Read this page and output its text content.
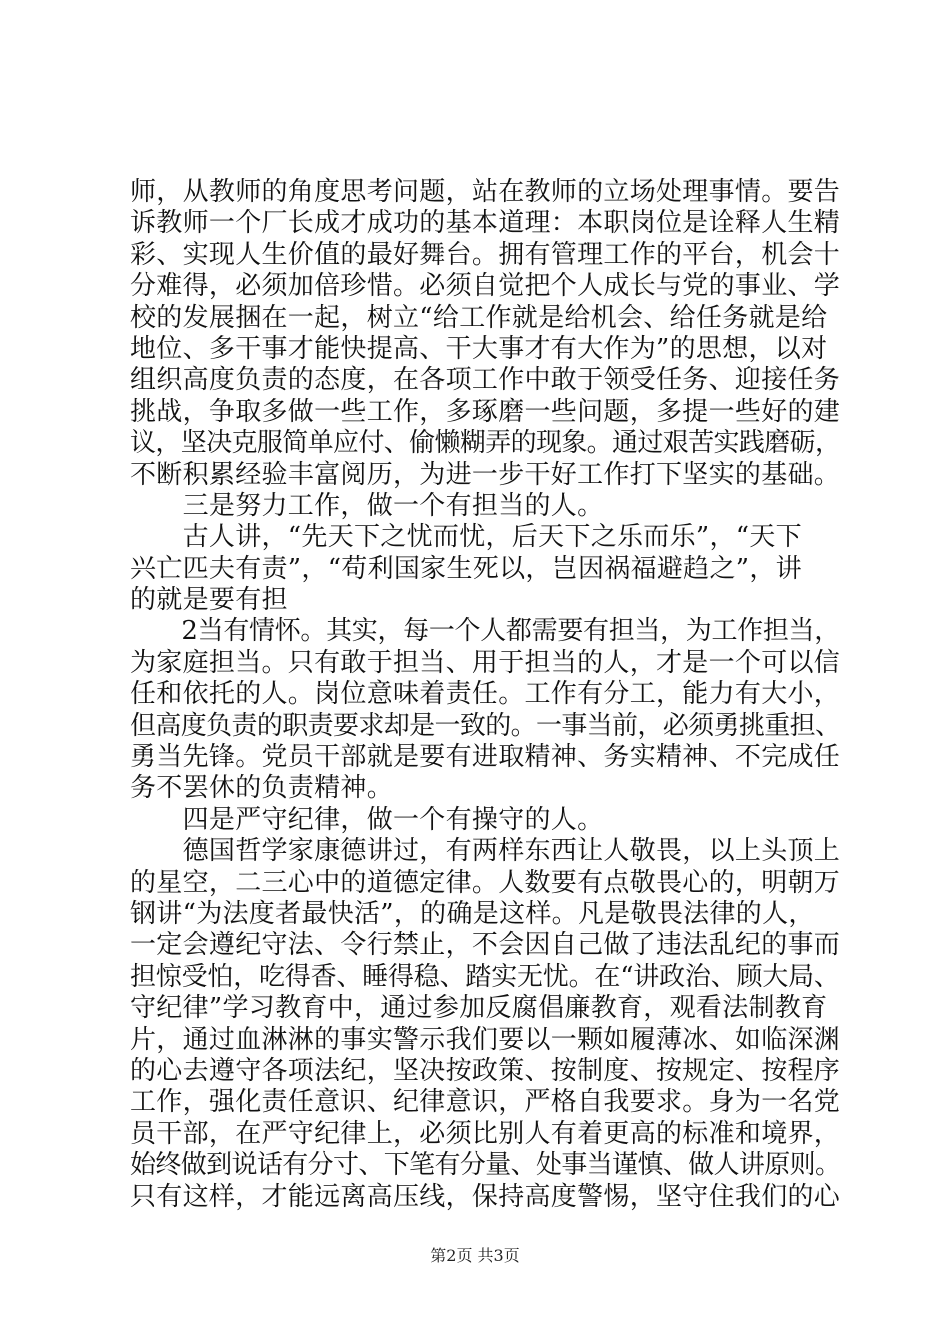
师，从教师的角度思考问题，站在教师的立场处理事情。要告
诉教师一个厂长成才成功的基本道理：本职岗位是诠释人生精
彩、实现人生价值的最好舞台。拥有管理工作的平台，机会十
分难得，必须加倍珍惜。必须自觉把个人成长与党的事业、学
校的发展捆在一起，树立“给工作就是给机会、给任务就是给
地位、多干事才能快提高、干大事才有大作为”的思想，以对
组织高度负责的态度，在各项工作中敢于领受任务、迎接任务
挑战，争取多做一些工作，多琢磨一些问题，多提一些好的建
议，坚决克服简单应付、偷懒糊弄的现象。通过艰苦实践磨砺，
不断积累经验丰富阅历，为进一步干好工作打下坚实的基础。
　　三是努力工作，做一个有担当的人。
　　古人讲，“先天下之忧而忧，后天下之乐而乐”，“天下
兴亡匹夫有责”，“苟利国家生死以，岂因祸福避趋之”，讲
的就是要有担
　　2当有情怀。其实，每一个人都需要有担当，为工作担当，
为家庭担当。只有敢于担当、用于担当的人，才是一个可以信
任和依托的人。岗位意味着责任。工作有分工，能力有大小，
但高度负责的职责要求却是一致的。一事当前，必须勇挑重担、
勇当先锋。党员干部就是要有进取精神、务实精神、不完成任
务不罢休的负责精神。
　　四是严守纪律，做一个有操守的人。
　　德国哲学家康德讲过，有两样东西让人敬畏，以上头顶上
的星空，二三心中的道德定律。人数要有点敬畏心的，明朝万
钢讲“为法度者最快活”，的确是这样。凡是敬畏法律的人，
一定会遵纪守法、令行禁止，不会因自己做了违法乱纪的事而
担惊受怕，吃得香、睡得稳、踏实无忧。在“讲政治、顾大局、
守纪律”学习教育中，通过参加反腐倡廉教育，观看法制教育
片，通过血淋淋的事实警示我们要以一颗如履薄冰、如临深渊
的心去遵守各项法纪，坚决按政策、按制度、按规定、按程序
工作，强化责任意识、纪律意识，严格自我要求。身为一名党
员干部，在严守纪律上，必须比别人有着更高的标准和境界，
始终做到说话有分寸、下笔有分量、处事当谨慎、做人讲原则。
只有这样，才能远离高压线，保持高度警惕，坚守住我们的心
第2页 共3页
